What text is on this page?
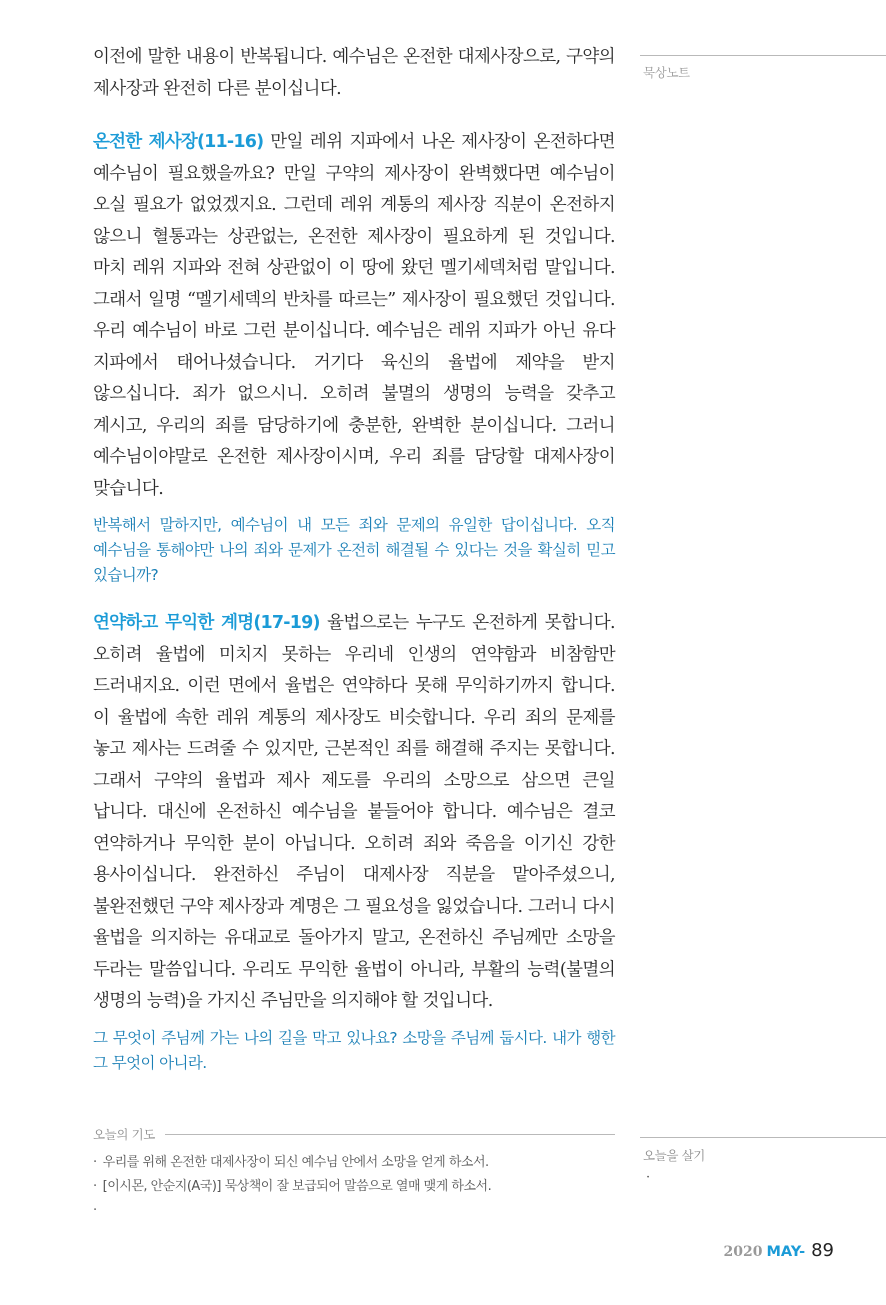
이전에 말한 내용이 반복됩니다. 예수님은 온전한 대제사장으로, 구약의 제사장과 완전히 다른 분이십니다.

온전한 제사장(11-16) 만일 레위 지파에서 나온 제사장이 온전하다면 예수님이 필요했을까요? 만일 구약의 제사장이 완벽했다면 예수님이 오실 필요가 없었겠지요. 그런데 레위 계통의 제사장 직분이 온전하지 않으니 혈통과는 상관없는, 온전한 제사장이 필요하게 된 것입니다. 마치 레위 지파와 전혀 상관없이 이 땅에 왔던 멜기세덱처럼 말입니다. 그래서 일명 “멜기세덱의 반차를 따르는” 제사장이 필요했던 것입니다. 우리 예수님이 바로 그런 분이십니다. 예수님은 레위 지파가 아닌 유다 지파에서 태어나셨습니다. 거기다 육신의 율법에 제약을 받지 않으십니다. 죄가 없으시니. 오히려 불멸의 생명의 능력을 갖추고 계시고, 우리의 죄를 담당하기에 충분한, 완벽한 분이십니다. 그러니 예수님이야말로 온전한 제사장이시며, 우리 죄를 담당할 대제사장이 맞습니다.

반복해서 말하지만, 예수님이 내 모든 죄와 문제의 유일한 답이십니다. 오직 예수님을 통해야만 나의 죄와 문제가 온전히 해결될 수 있다는 것을 확실히 믿고 있습니까?

연약하고 무익한 계명(17-19) 율법으로는 누구도 온전하게 못합니다. 오히려 율법에 미치지 못하는 우리네 인생의 연약함과 비참함만 드러내지요. 이런 면에서 율법은 연약하다 못해 무익하기까지 합니다. 이 율법에 속한 레위 계통의 제사장도 비슷합니다. 우리 죄의 문제를 놓고 제사는 드려줄 수 있지만, 근본적인 죄를 해결해 주지는 못합니다. 그래서 구약의 율법과 제사 제도를 우리의 소망으로 삼으면 큰일 납니다. 대신에 온전하신 예수님을 붙들어야 합니다. 예수님은 결코 연약하거나 무익한 분이 아닙니다. 오히려 죄와 죽음을 이기신 강한 용사이십니다. 완전하신 주님이 대제사장 직분을 맡아주셨으니, 불완전했던 구약 제사장과 계명은 그 필요성을 잃었습니다. 그러니 다시 율법을 의지하는 유대교로 돌아가지 말고, 온전하신 주님께만 소망을 두라는 말씀입니다. 우리도 무익한 율법이 아니라, 부활의 능력(불멸의 생명의 능력)을 가지신 주님만을 의지해야 할 것입니다.

그 무엇이 주님께 가는 나의 길을 막고 있나요? 소망을 주님께 둡시다. 내가 행한 그 무엇이 아니라.

묵상노트
오늘의 기도
· 우리를 위해 온전한 대제사장이 되신 예수님 안에서 소망을 얻게 하소서.
· [이시몬, 안순지(A국)] 묵상책이 잘 보급되어 말씀으로 열매 맺게 하소서.
·
오늘을 살기
·
2020 MAY- 89
